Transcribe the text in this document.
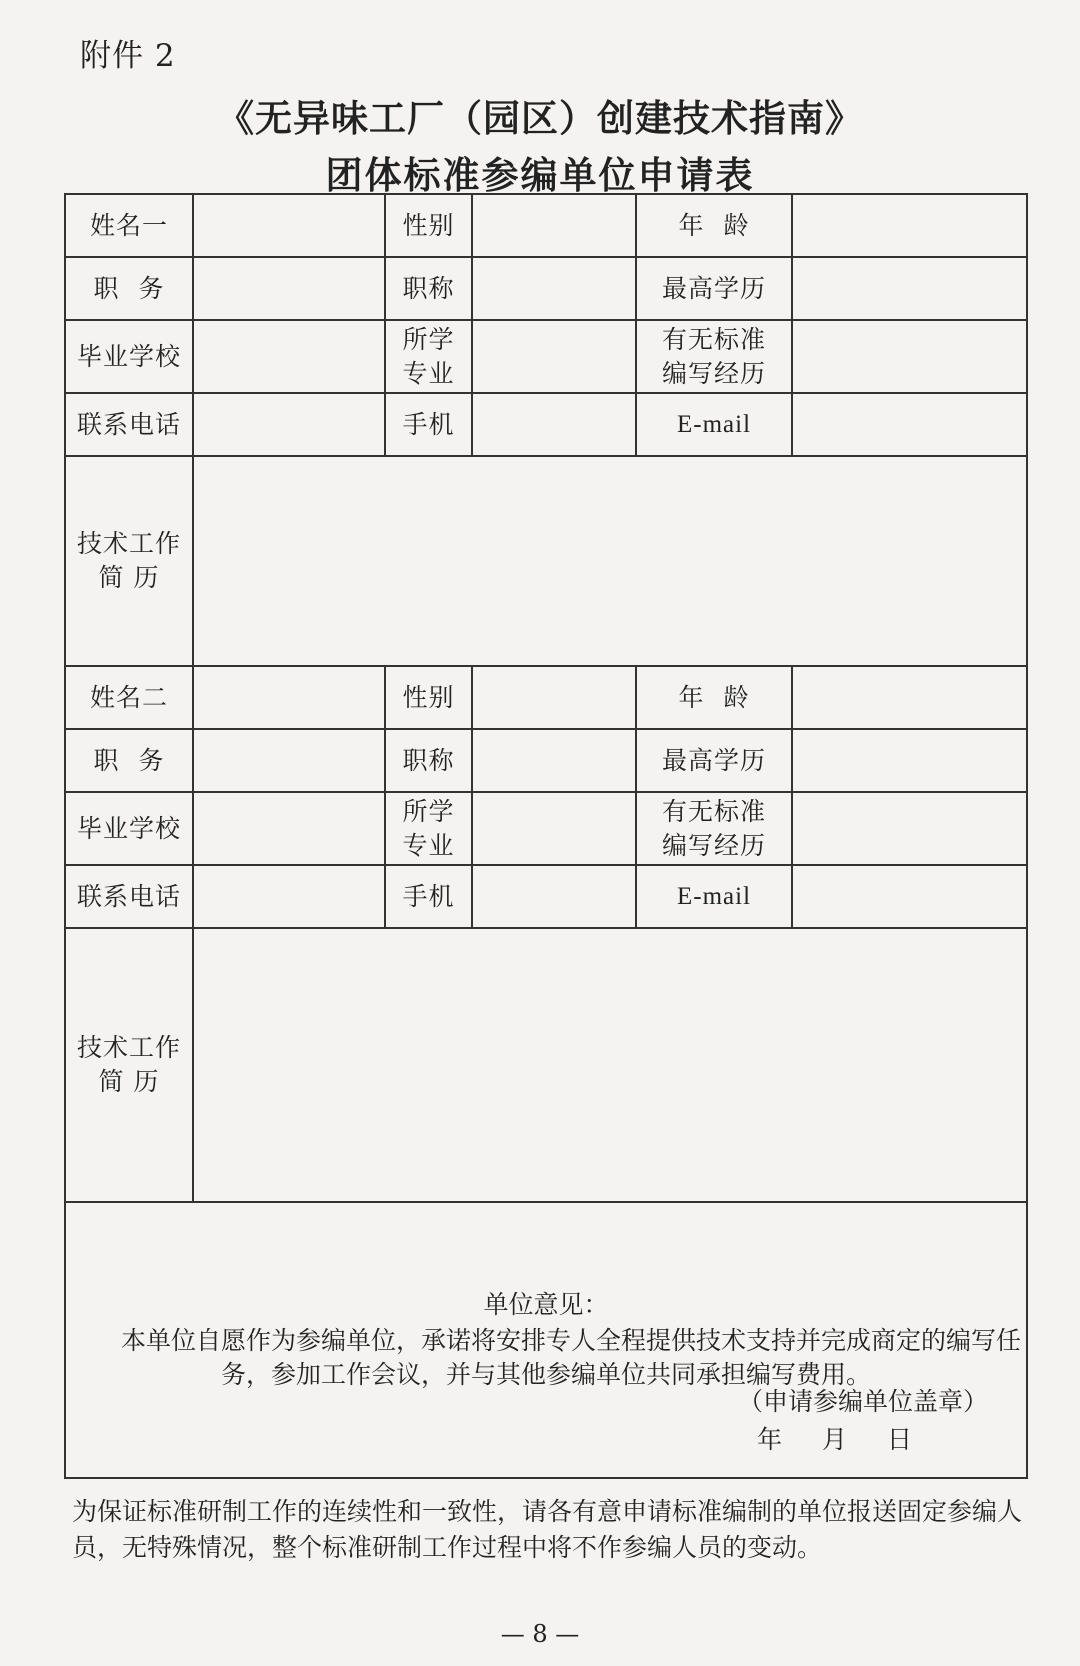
附件 2
《无异味工厂（园区）创建技术指南》
团体标准参编单位申请表
姓名一		性别		年 龄	
职 务		职称		最高学历	
毕业学校		所学专业		有无标准编写经历	
联系电话		手机		E-mail	
技术工作简 历					
姓名二		性别		年 龄	
职 务		职称		最高学历	
毕业学校		所学专业		有无标准编写经历	
联系电话		手机		E-mail	
技术工作简 历					

单位意见：
本单位自愿作为参编单位，承诺将安排专人全程提供技术支持并完成商定的编写任务，参加工作会议，并与其他参编单位共同承担编写费用。
（申请参编单位盖章）
年 月 日					
为保证标准研制工作的连续性和一致性，请各有意申请标准编制的单位报送固定参编人员，无特殊情况，整个标准研制工作过程中将不作参编人员的变动。
— 8 —
